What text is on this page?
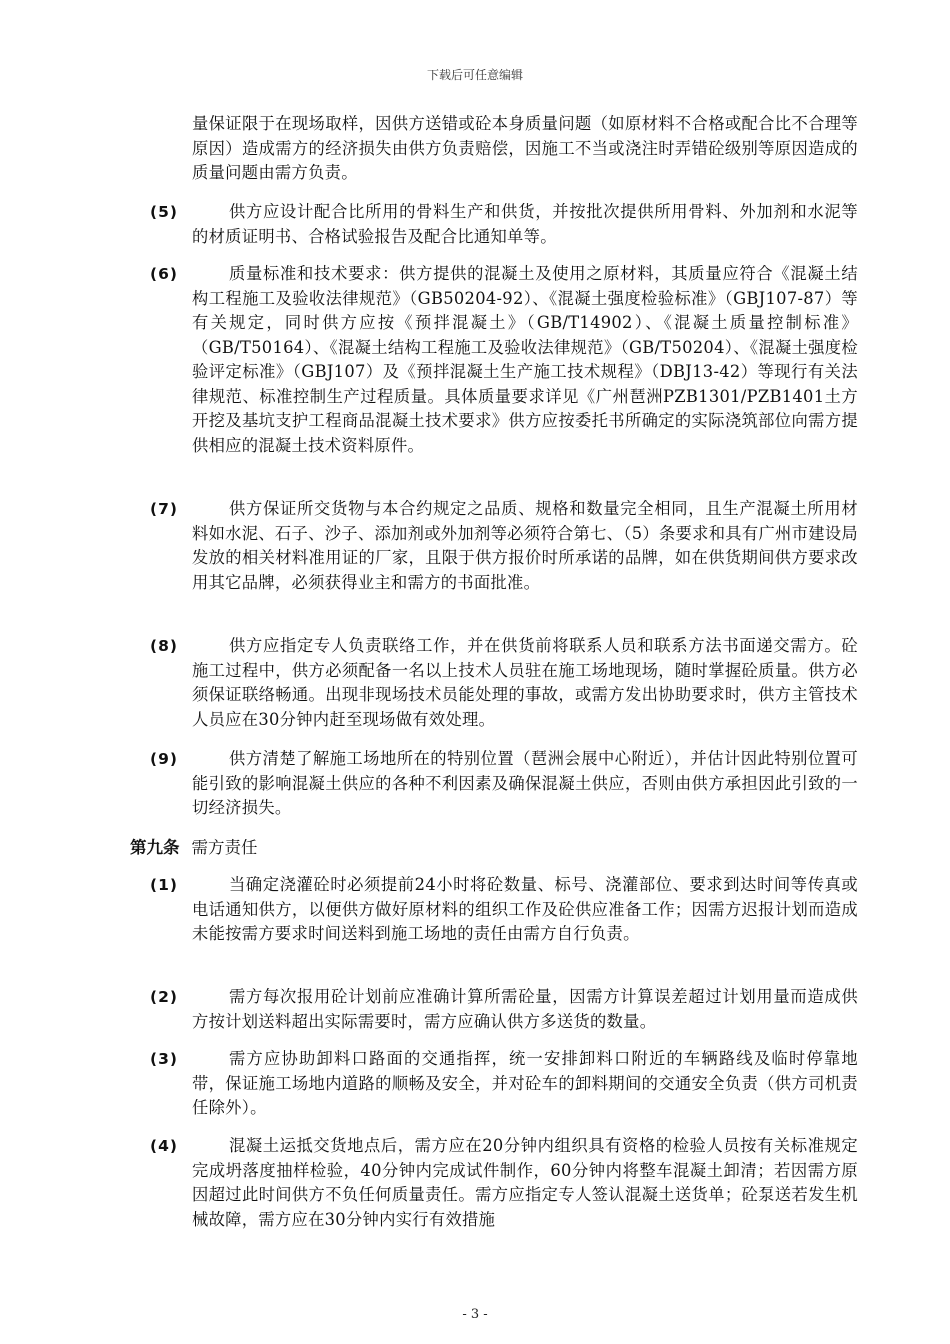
下载后可任意编辑
量保证限于在现场取样，因供方送错或砼本身质量问题（如原材料不合格或配合比不合理等原因）造成需方的经济损失由供方负责赔偿，因施工不当或浇注时弄错砼级别等原因造成的质量问题由需方负责。
(5)	供方应设计配合比所用的骨料生产和供货，并按批次提供所用骨料、外加剂和水泥等的材质证明书、合格试验报告及配合比通知单等。
(6)	质量标准和技术要求：供方提供的混凝土及使用之原材料，其质量应符合《混凝土结构工程施工及验收法律规范》（GB50204-92）、《混凝土强度检验标准》（GBJ107-87）等有关规定，同时供方应按《预拌混凝土》（GB/T14902）、《混凝土质量控制标准》（GB/T50164）、《混凝土结构工程施工及验收法律规范》（GB/T50204）、《混凝土强度检验评定标准》（GBJ107）及《预拌混凝土生产施工技术规程》（DBJ13-42）等现行有关法律规范、标准控制生产过程质量。具体质量要求详见《广州琶洲PZB1301/PZB1401土方开挖及基坑支护工程商品混凝土技术要求》供方应按委托书所确定的实际浇筑部位向需方提供相应的混凝土技术资料原件。
(7)	供方保证所交货物与本合约规定之品质、规格和数量完全相同，且生产混凝土所用材料如水泥、石子、沙子、添加剂或外加剂等必须符合第七、（5）条要求和具有广州市建设局发放的相关材料准用证的厂家，且限于供方报价时所承诺的品牌，如在供货期间供方要求改用其它品牌，必须获得业主和需方的书面批准。
(8)	供方应指定专人负责联络工作，并在供货前将联系人员和联系方法书面递交需方。砼施工过程中，供方必须配备一名以上技术人员驻在施工场地现场，随时掌握砼质量。供方必须保证联络畅通。出现非现场技术员能处理的事故，或需方发出协助要求时，供方主管技术人员应在30分钟内赶至现场做有效处理。
(9)	供方清楚了解施工场地所在的特别位置（琶洲会展中心附近），并估计因此特别位置可能引致的影响混凝土供应的各种不利因素及确保混凝土供应，否则由供方承担因此引致的一切经济损失。
第九条 需方责任
(1)	当确定浇灌砼时必须提前24小时将砼数量、标号、浇灌部位、要求到达时间等传真或电话通知供方，以便供方做好原材料的组织工作及砼供应准备工作；因需方迟报计划而造成未能按需方要求时间送料到施工场地的责任由需方自行负责。
(2)	需方每次报用砼计划前应准确计算所需砼量，因需方计算误差超过计划用量而造成供方按计划送料超出实际需要时，需方应确认供方多送货的数量。
(3)	需方应协助卸料口路面的交通指挥，统一安排卸料口附近的车辆路线及临时停靠地带，保证施工场地内道路的顺畅及安全，并对砼车的卸料期间的交通安全负责（供方司机责任除外）。
(4)	混凝土运抵交货地点后，需方应在20分钟内组织具有资格的检验人员按有关标准规定完成坍落度抽样检验，40分钟内完成试件制作，60分钟内将整车混凝土卸清；若因需方原因超过此时间供方不负任何质量责任。需方应指定专人签认混凝土送货单；砼泵送若发生机械故障，需方应在30分钟内实行有效措施
- 3 -
